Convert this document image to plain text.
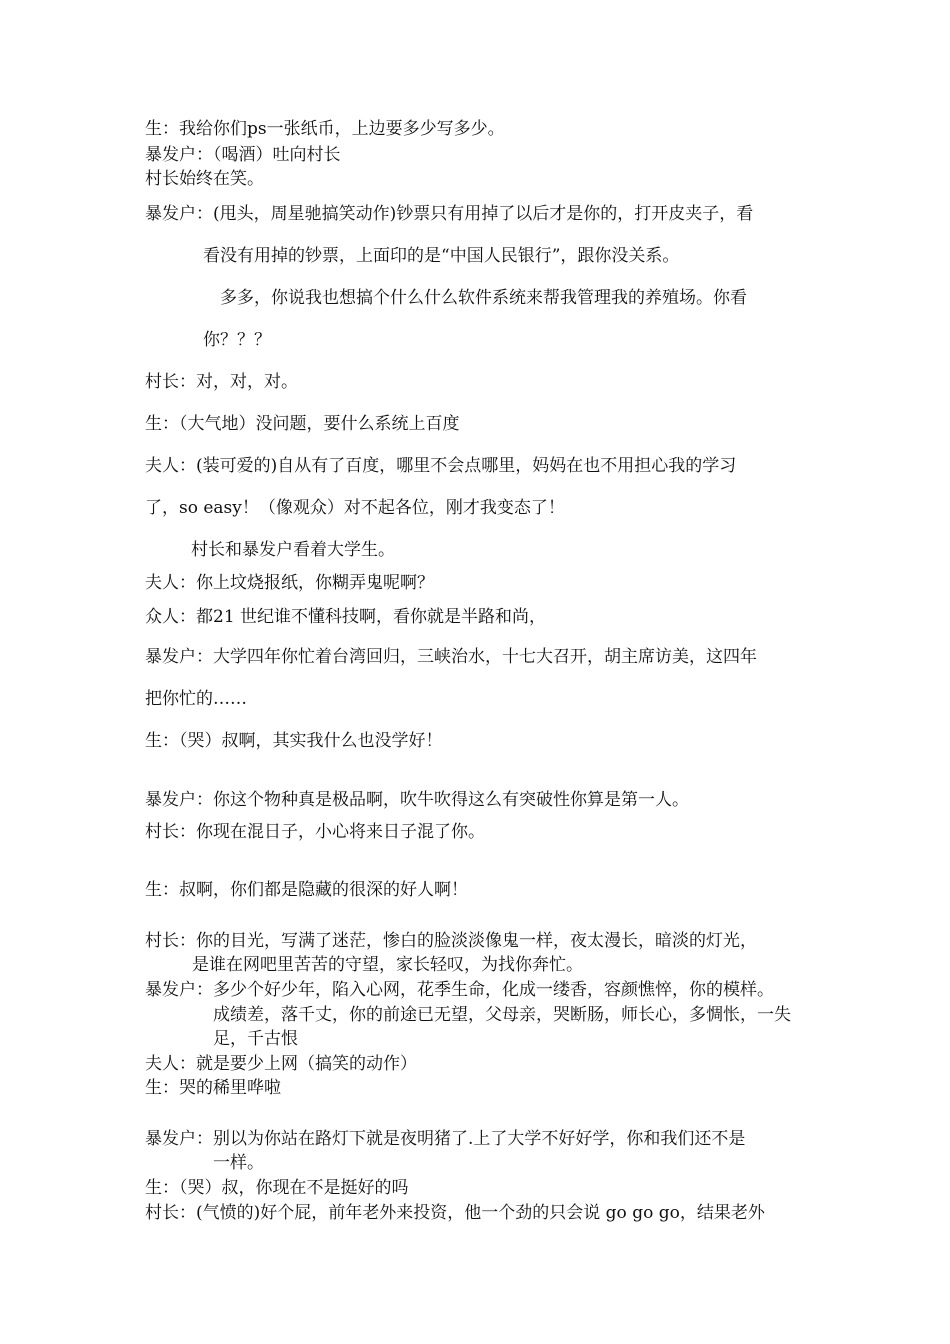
生：我给你们ps一张纸币，上边要多少写多少。
暴发户：（喝酒）吐向村长
村长始终在笑。
暴发户：(甩头，周星驰搞笑动作)钞票只有用掉了以后才是你的，打开皮夹子，看
看没有用掉的钞票，上面印的是“中国人民银行”，跟你没关系。
多多，你说我也想搞个什么什么软件系统来帮我管理我的养殖场。你看
你？？？
村长：对，对，对。
生：（大气地）没问题，要什么系统上百度
夫人：(装可爱的)自从有了百度，哪里不会点哪里，妈妈在也不用担心我的学习
了，so easy！（像观众）对不起各位，刚才我变态了！
村长和暴发户看着大学生。
夫人：你上坟烧报纸，你糊弄鬼呢啊？
众人：都21 世纪谁不懂科技啊，看你就是半路和尚，
暴发户：大学四年你忙着台湾回归，三峡治水，十七大召开，胡主席访美，这四年
把你忙的……
生：（哭）叔啊，其实我什么也没学好！
暴发户：你这个物种真是极品啊，吹牛吹得这么有突破性你算是第一人。
村长：你现在混日子，小心将来日子混了你。
生：叔啊，你们都是隐藏的很深的好人啊！
村长：你的目光，写满了迷茫，惨白的脸淡淡像鬼一样，夜太漫长，暗淡的灯光，
是谁在网吧里苦苦的守望，家长轻叹，为找你奔忙。
暴发户：多少个好少年，陷入心网，花季生命，化成一缕香，容颜憔悴，你的模样。
成绩差，落千丈，你的前途已无望，父母亲，哭断肠，师长心，多惆怅，一失
足，千古恨
夫人：就是要少上网（搞笑的动作）
生：哭的稀里哗啦
暴发户：别以为你站在路灯下就是夜明猪了.上了大学不好好学，你和我们还不是
一样。
生：（哭）叔，你现在不是挺好的吗
村长：(气愤的)好个屁，前年老外来投资，他一个劲的只会说 go go go，结果老外
